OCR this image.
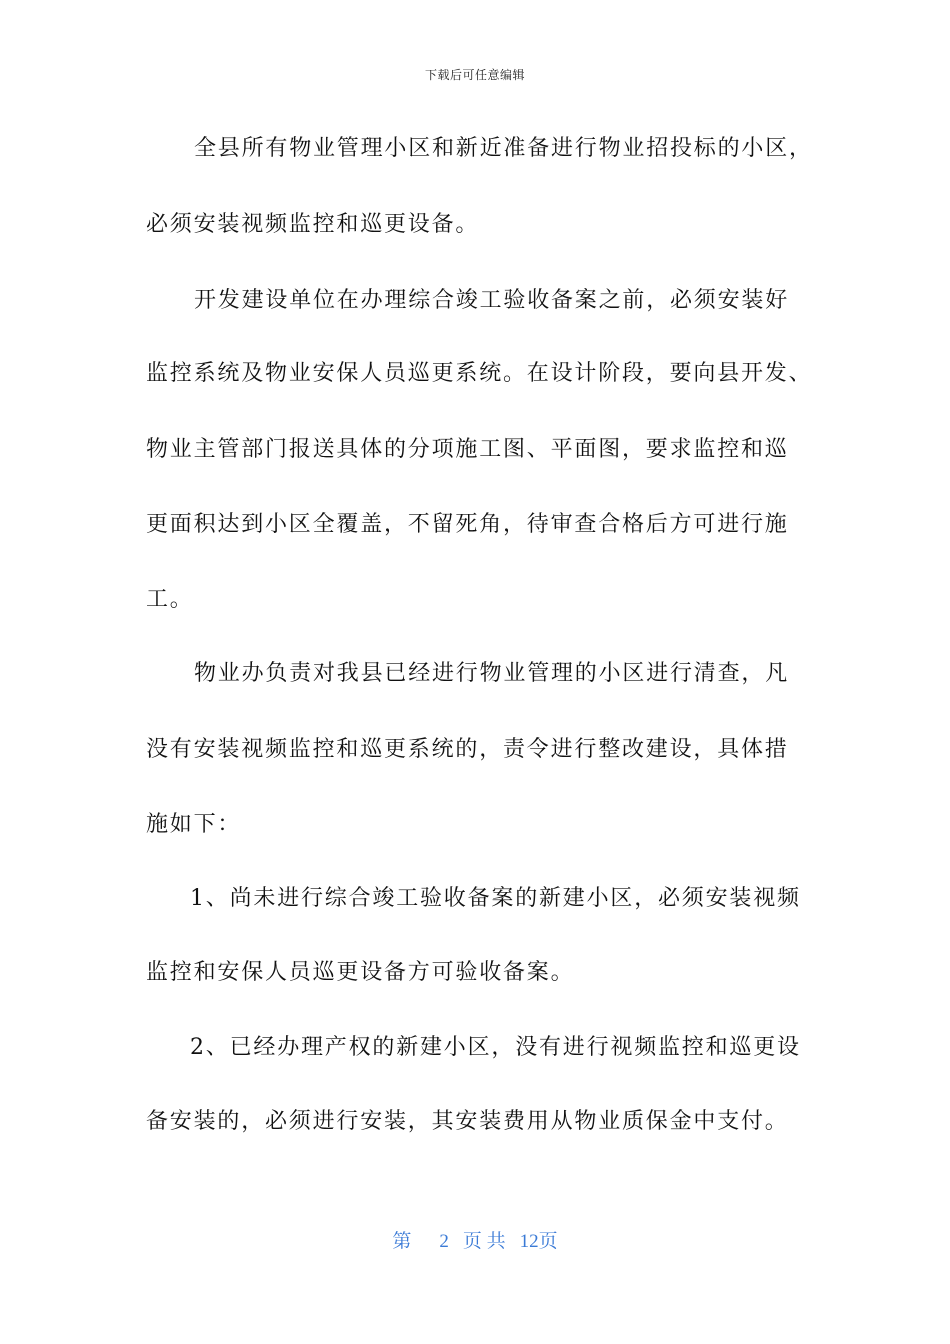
下载后可任意编辑
全县所有物业管理小区和新近准备进行物业招投标的小区，
必须安装视频监控和巡更设备。
开发建设单位在办理综合竣工验收备案之前，必须安装好
监控系统及物业安保人员巡更系统。在设计阶段，要向县开发、
物业主管部门报送具体的分项施工图、平面图，要求监控和巡
更面积达到小区全覆盖，不留死角，待审查合格后方可进行施
工。
物业办负责对我县已经进行物业管理的小区进行清查，凡
没有安装视频监控和巡更系统的，责令进行整改建设，具体措
施如下：
1、尚未进行综合竣工验收备案的新建小区，必须安装视频
监控和安保人员巡更设备方可验收备案。
2、已经办理产权的新建小区，没有进行视频监控和巡更设
备安装的，必须进行安装，其安装费用从物业质保金中支付。
第 2 页 共 12页
